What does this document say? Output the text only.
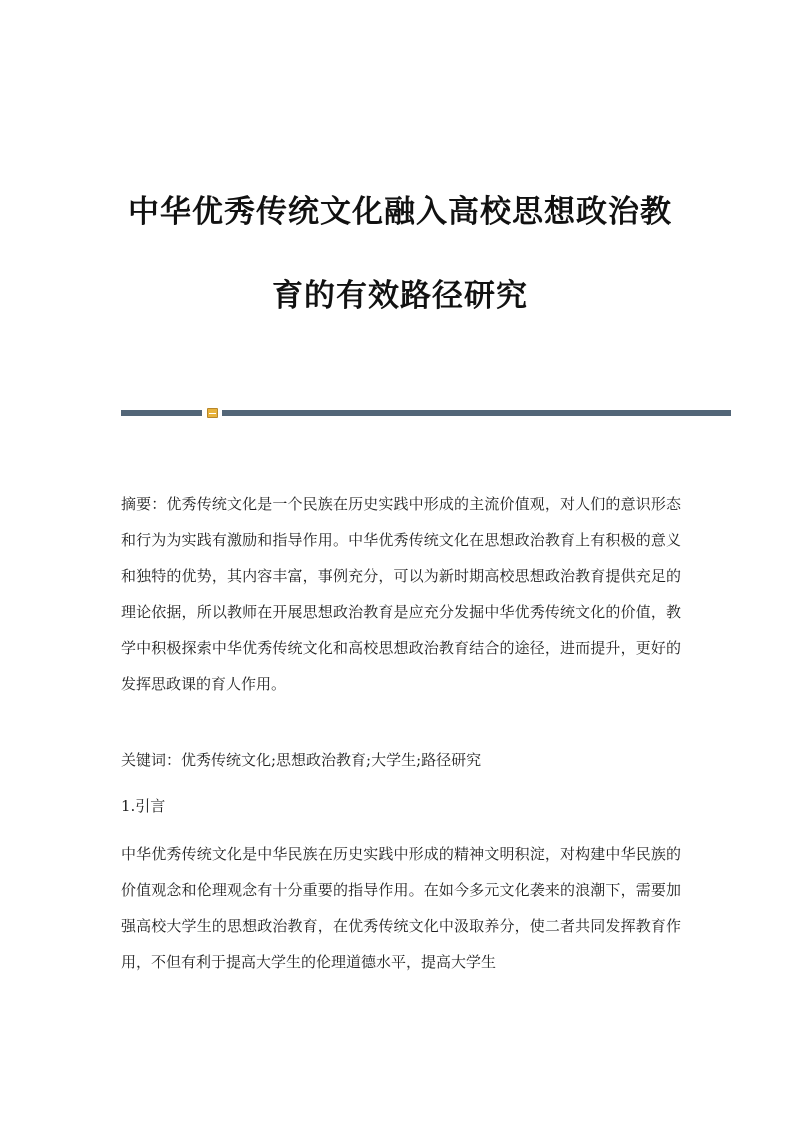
中华优秀传统文化融入高校思想政治教
育的有效路径研究
摘要：优秀传统文化是一个民族在历史实践中形成的主流价值观，对人们的意识形态和行为为实践有激励和指导作用。中华优秀传统文化在思想政治教育上有积极的意义和独特的优势，其内容丰富，事例充分，可以为新时期高校思想政治教育提供充足的理论依据，所以教师在开展思想政治教育是应充分发掘中华优秀传统文化的价值，教学中积极探索中华优秀传统文化和高校思想政治教育结合的途径，进而提升，更好的发挥思政课的育人作用。
关键词：优秀传统文化;思想政治教育;大学生;路径研究
1.引言
中华优秀传统文化是中华民族在历史实践中形成的精神文明积淀，对构建中华民族的价值观念和伦理观念有十分重要的指导作用。在如今多元文化袭来的浪潮下，需要加强高校大学生的思想政治教育，在优秀传统文化中汲取养分，使二者共同发挥教育作用，不但有利于提高大学生的伦理道德水平，提高大学生
